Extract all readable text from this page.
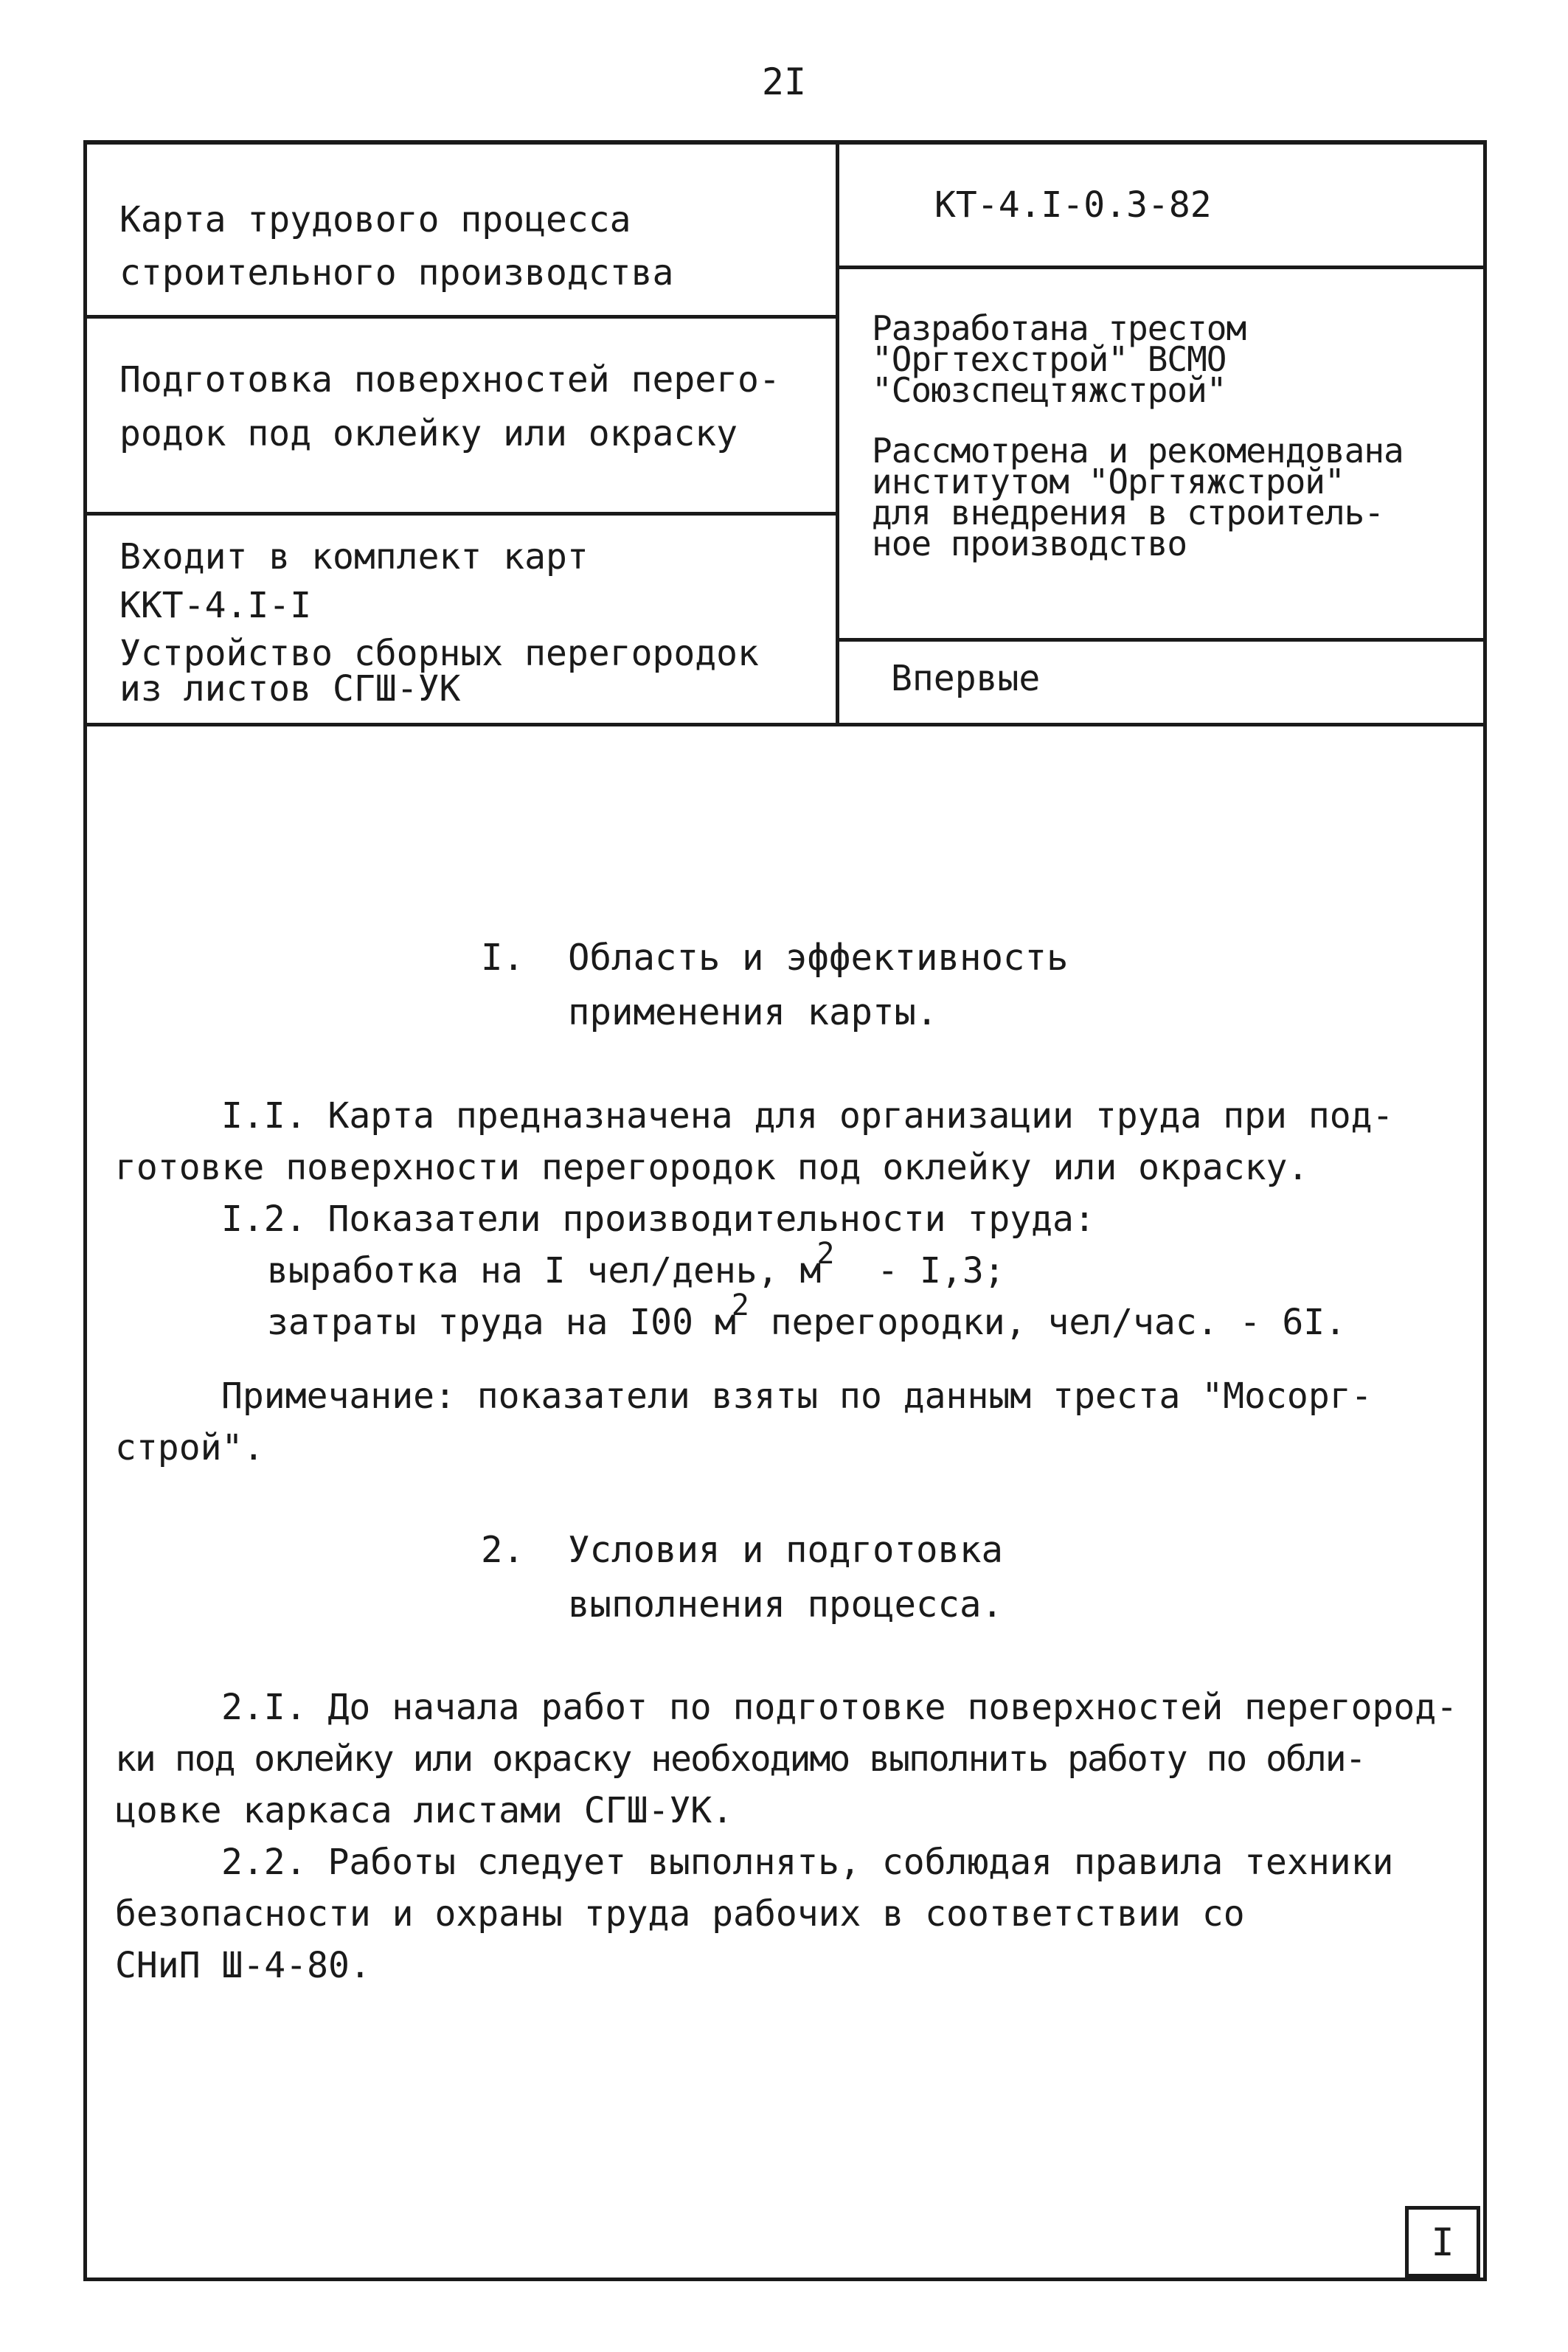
2I
Карта трудового процесса
строительного производства
Подготовка поверхностей перего-
родок под оклейку или окраску
Входит в комплект карт
ККТ-4.I-I
Устройство сборных перегородок
из листов СГШ-УК
КТ-4.I-0.3-82
Разработана трестом
"Оргтехстрой" ВСМО
"Союзспецтяжстрой"
Рассмотрена и рекомендована
институтом "Оргтяжстрой"
для внедрения в строитель-
ное производство
Впервые
I. Область и эффективность
применения карты.
I.I. Карта предназначена для организации труда при под-
готовке поверхности перегородок под оклейку или окраску.
I.2. Показатели производительности труда:
выработка на I чел/день, $м^2 - I,3$;
затраты труда на I00 $м^2$ перегородки, чел/час. - 6I.
Примечание: показатели взяты по данным треста "Мосорг-
строй".
2. Условия и подготовка
выполнения процесса.
2.I. До начала работ по подготовке поверхностей перегород-
ки под оклейку или окраску необходимо выполнить работу по обли-
цовке каркаса листами СГШ-УК.
2.2. Работы следует выполнять, соблюдая правила техники
безопасности и охраны труда рабочих в соответствии со
СНиП Ш-4-80.
I
